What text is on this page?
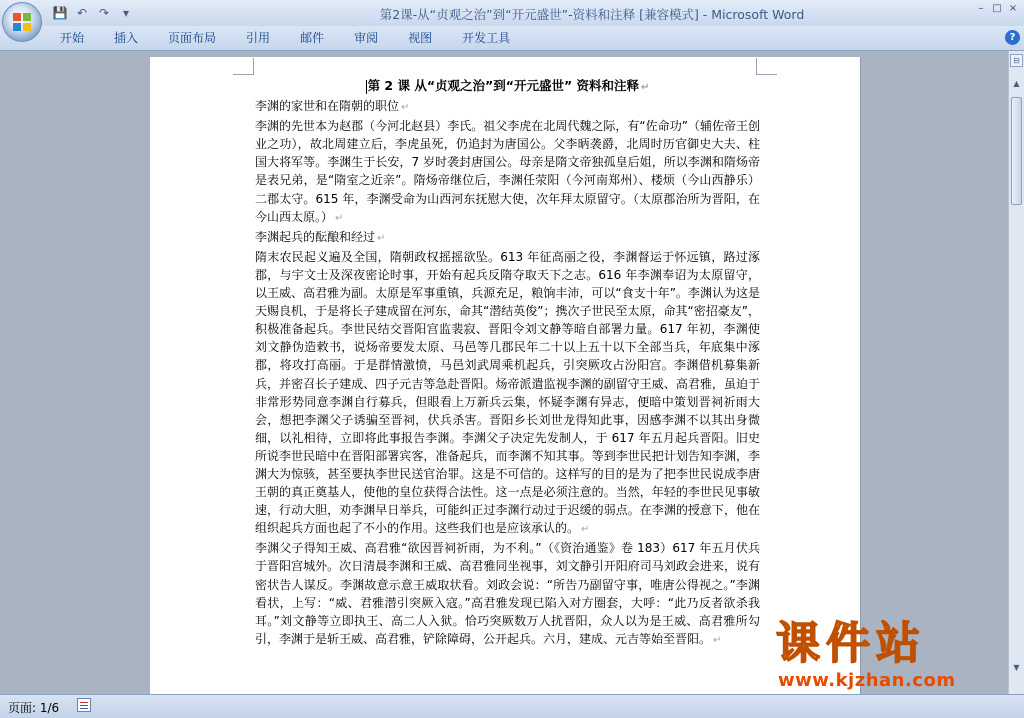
💾 ↶ ↷	▾	第2课-从“贞观之治”到“开元盛世”-资料和注释 [兼容模式] - Microsoft Word	– □ ×
开始	插入	页面布局	引用	邮件	审阅	视图	开发工具	?

第 2 课 从“贞观之治”到“开元盛世” 资料和注释 ↵

李渊的家世和在隋朝的职位 ↵

李渊的先世本为赵郡（今河北赵县）李氏。祖父李虎在北周代魏之际，有“佐命功”（辅佐帝王创业之功），故北周建立后，李虎虽死，仍追封为唐国公。父李昞袭爵，北周时历官御史大夫、柱国大将军等。李渊生于长安，7 岁时袭封唐国公。母亲是隋文帝独孤皇后姐，所以李渊和隋炀帝是表兄弟，是“隋室之近亲”。隋炀帝继位后，李渊任荥阳（今河南郑州）、楼烦（今山西静乐）二郡太守。615 年，李渊受命为山西河东抚慰大使，次年拜太原留守。（太原郡治所为晋阳，在今山西太原。） ↵

李渊起兵的酝酿和经过 ↵

隋末农民起义遍及全国，隋朝政权摇摇欲坠。613 年征高丽之役，李渊督运于怀远镇，路过涿郡，与宇文士及深夜密论时事，开始有起兵反隋夺取天下之志。616 年李渊奉诏为太原留守，以王威、高君雅为副。太原是军事重镇，兵源充足，粮饷丰沛，可以“食支十年”。李渊认为这是天赐良机，于是将长子建成留在河东，命其“潜结英俊”；携次子世民至太原，命其“密招豪友”，积极准备起兵。李世民结交晋阳宫监裴寂、晋阳令刘文静等暗自部署力量。617 年初，李渊使刘文静伪造敕书，说炀帝要发太原、马邑等几郡民年二十以上五十以下全部当兵，年底集中涿郡，将攻打高丽。于是群情激愤，马邑刘武周乘机起兵，引突厥攻占汾阳宫。李渊借机募集新兵，并密召长子建成、四子元吉等急赴晋阳。炀帝派遣监视李渊的副留守王威、高君雅，虽迫于非常形势同意李渊自行募兵，但眼看上万新兵云集，怀疑李渊有异志，便暗中策划晋祠祈雨大会，想把李渊父子诱骗至晋祠，伏兵杀害。晋阳乡长刘世龙得知此事，因感李渊不以其出身微细，以礼相待，立即将此事报告李渊。李渊父子决定先发制人，于 617 年五月起兵晋阳。旧史所说李世民暗中在晋阳部署宾客，准备起兵，而李渊不知其事。等到李世民把计划告知李渊，李渊大为惊骇，甚至要执李世民送官治罪。这是不可信的。这样写的目的是为了把李世民说成李唐王朝的真正奠基人，使他的皇位获得合法性。这一点是必须注意的。当然，年轻的李世民见事敏速，行动大胆，劝李渊早日举兵，可能纠正过李渊行动过于迟缓的弱点。在李渊的授意下，他在组织起兵方面也起了不小的作用。这些我们也是应该承认的。 ↵

李渊父子得知王威、高君雅“欲因晋祠祈雨，为不利。”（《资治通鉴》卷 183）617 年五月伏兵于晋阳宫城外。次日清晨李渊和王威、高君雅同坐视事，刘文静引开阳府司马刘政会进来，说有密状告人谋反。李渊故意示意王威取状看。刘政会说：“所告乃副留守事，唯唐公得视之。”李渊看状，上写：“威、君雅潜引突厥入寇。”高君雅发现已陷入对方圈套，大呼：“此乃反者欲杀我耳。”刘文静等立即执王、高二人入狱。恰巧突厥数万人扰晋阳，众人以为是王威、高君雅所勾引，李渊于是斩王威、高君雅，铲除障碍，公开起兵。六月，建成、元吉等始至晋阳。 ↵

⊟
▲
▼
页面: 1/6
课件站
www.kjzhan.com
